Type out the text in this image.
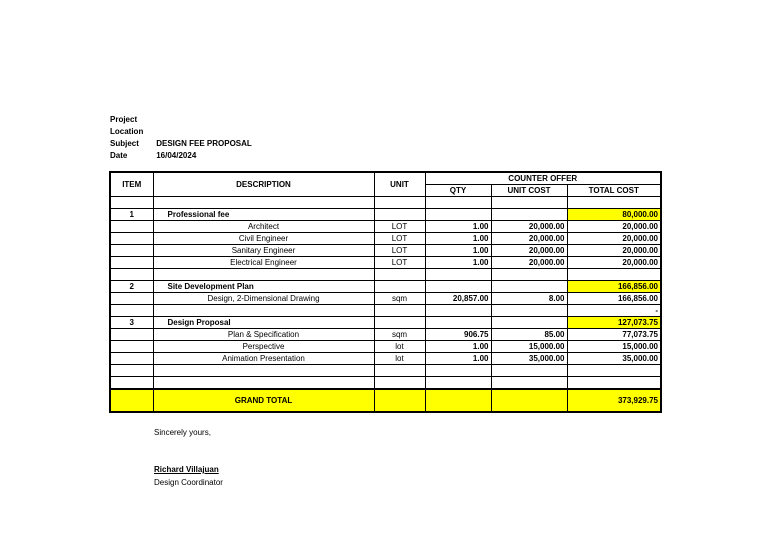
Project
Location
Subject DESIGN FEE PROPOSAL
Date	16/04/2024
ITEM	DESCRIPTION	UNIT	COUNTER OFFER		
			QTY	UNIT COST	TOTAL COST

1	Professional fee				80,000.00
	Architect	LOT	1.00	20,000.00	20,000.00
	Civil Engineer	LOT	1.00	20,000.00	20,000.00
	Sanitary Engineer	LOT	1.00	20,000.00	20,000.00
	Electrical Engineer	LOT	1.00	20,000.00	20,000.00

2	Site Development Plan				166,856.00
	Design, 2-Dimensional Drawing	sqm	20,857.00	8.00	166,856.00
					-
3	Design Proposal				127,073.75
	Plan & Specification	sqm	906.75	85.00	77,073.75
	Perspective	lot	1.00	15,000.00	15,000.00
	Animation Presentation	lot	1.00	35,000.00	35,000.00

	GRAND TOTAL				373,929.75
Sincerely yours,
Richard Villajuan
Design Coordinator
